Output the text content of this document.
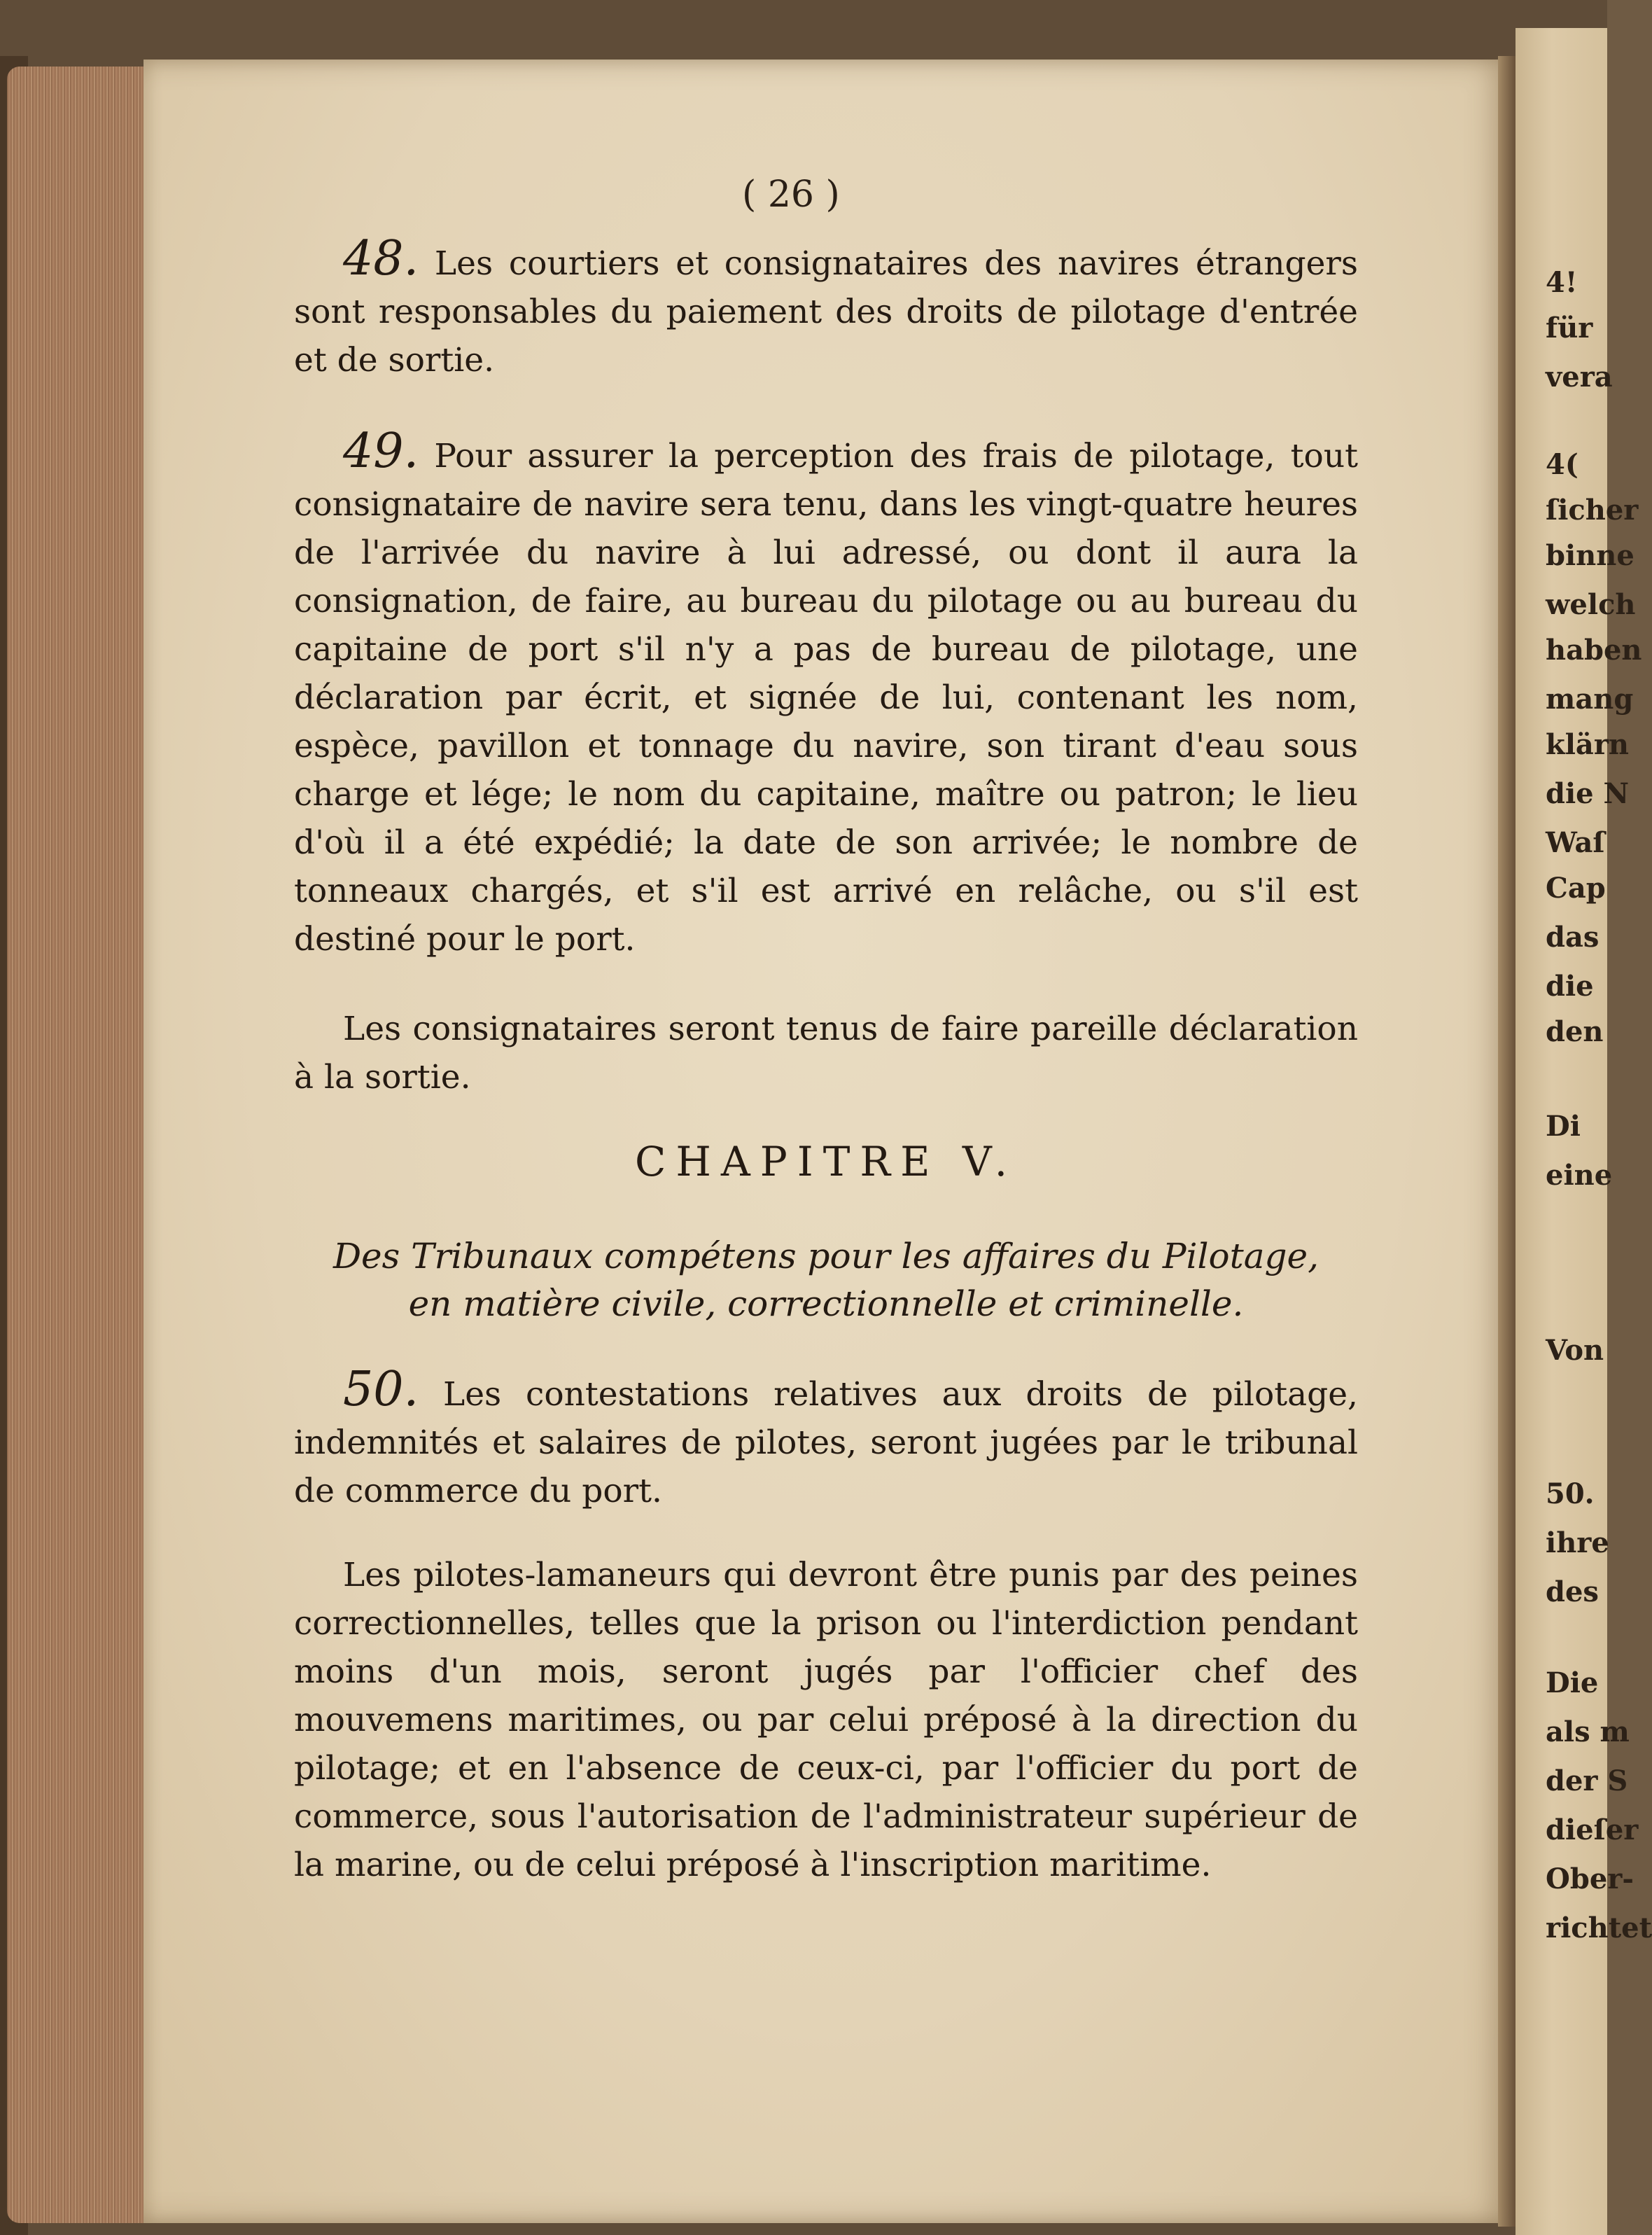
4!
für
vera
4(
ſicher
binne
welch
haben
mang
klärn
die N
Waſ
Cap
das
die
den
Di
eine
Von
50.
ihre
des
Die
als m
der S
dieſer
Ober-
richtet
( 26 )

48. Les courtiers et consignataires des navires étrangers sont responsables du paiement des droits de pilotage d'entrée et de sortie.

49. Pour assurer la perception des frais de pilotage, tout consignataire de navire sera tenu, dans les vingt-quatre heures de l'arrivée du navire à lui adressé, ou dont il aura la consignation, de faire, au bureau du pilotage ou au bureau du capitaine de port s'il n'y a pas de bureau de pilotage, une déclaration par écrit, et signée de lui, contenant les nom, espèce, pavillon et tonnage du navire, son tirant d'eau sous charge et lége; le nom du capitaine, maître ou patron; le lieu d'où il a été expédié; la date de son arrivée; le nombre de tonneaux chargés, et s'il est arrivé en relâche, ou s'il est destiné pour le port.

Les consignataires seront tenus de faire pareille déclaration à la sortie.

CHAPITRE V.
Des Tribunaux compétens pour les affaires du Pilotage,
en matière civile, correctionnelle et criminelle.

50. Les contestations relatives aux droits de pilotage, indemnités et salaires de pilotes, seront jugées par le tribunal de commerce du port.

Les pilotes-lamaneurs qui devront être punis par des peines correctionnelles, telles que la prison ou l'interdiction pendant moins d'un mois, seront jugés par l'officier chef des mouvemens maritimes, ou par celui préposé à la direction du pilotage; et en l'absence de ceux-ci, par l'officier du port de commerce, sous l'autorisation de l'administrateur supérieur de la marine, ou de celui préposé à l'inscription maritime.
